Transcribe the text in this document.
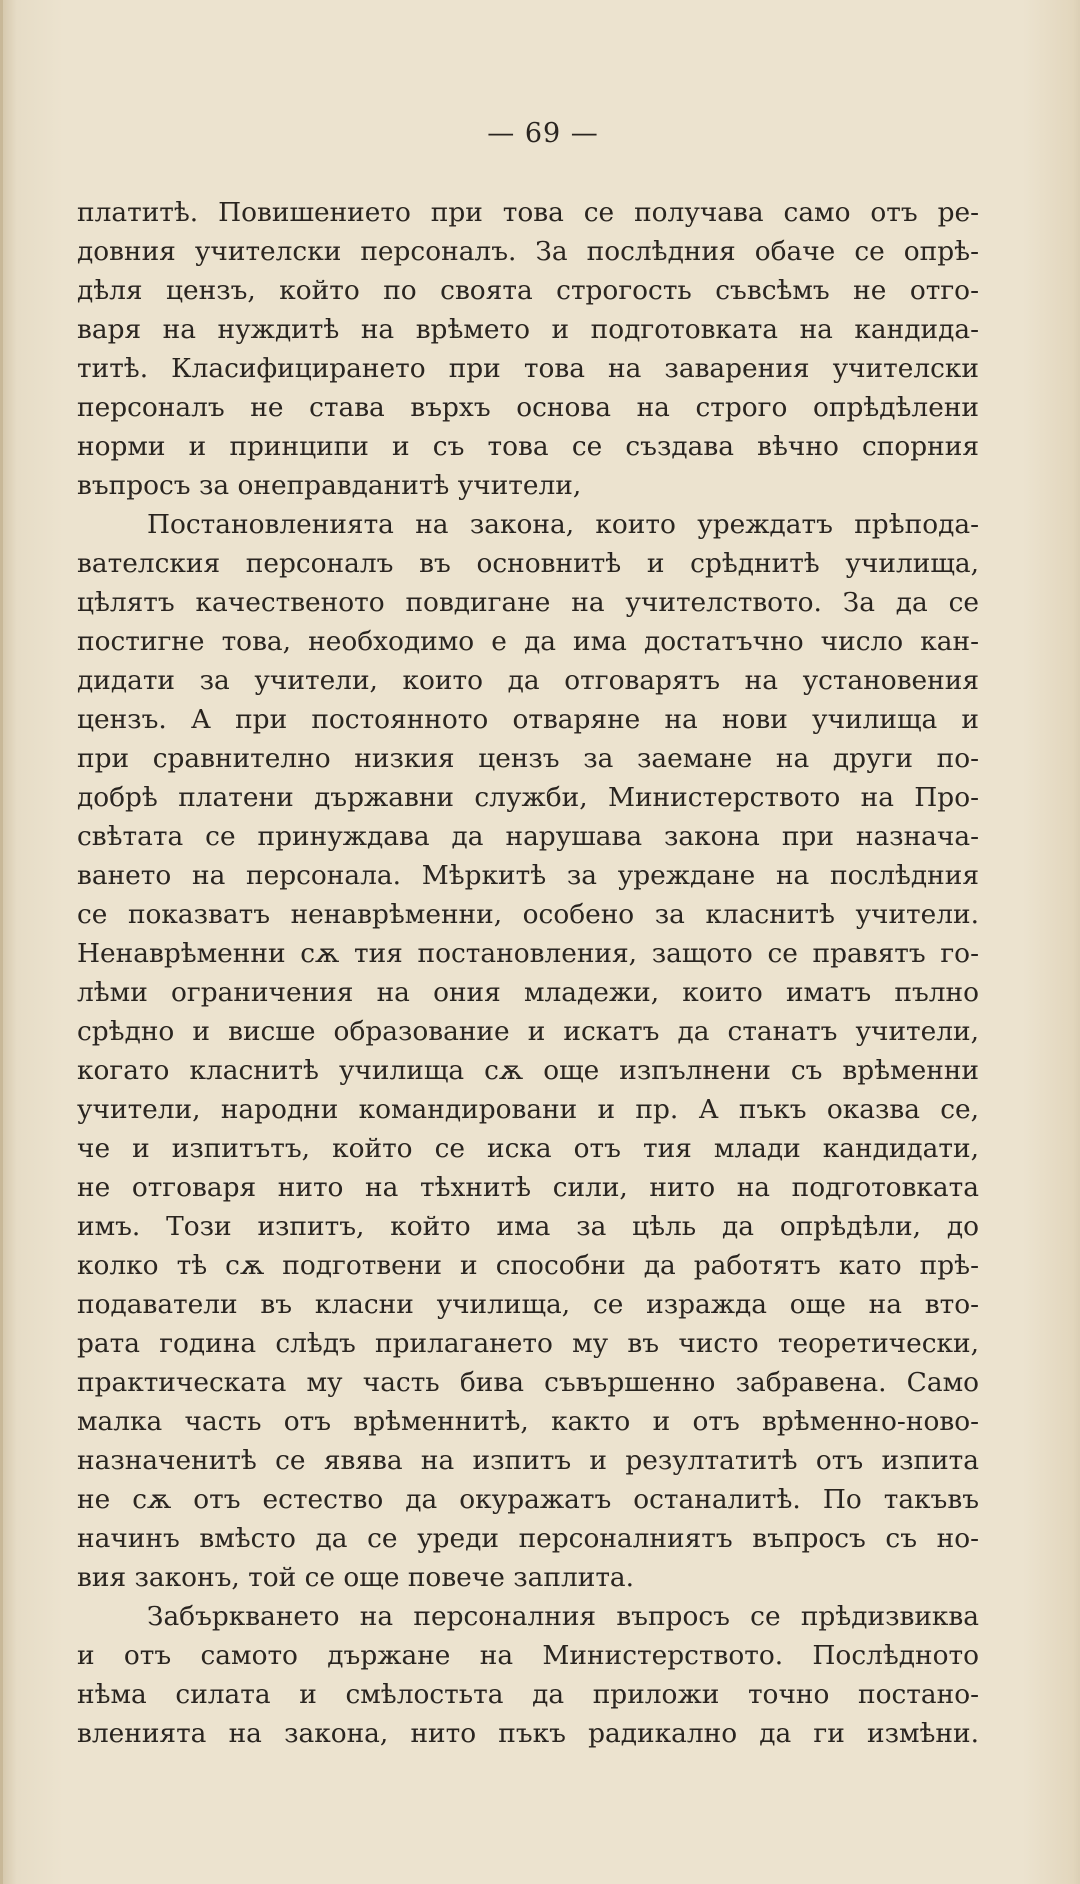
— 69 —
платитѣ. Повишението при това се получава само отъ ре-
довния учителски персоналъ. За послѣдния обаче се опрѣ-
дѣля цензъ, който по своята строгость съвсѣмъ не отго-
варя на нуждитѣ на врѣмето и подготовката на кандида-
титѣ. Класифицирането при това на заварения учителски
персоналъ не става върхъ основа на строго опрѣдѣлени
норми и принципи и съ това се създава вѣчно спорния
въпросъ за онеправданитѣ учители,
Постановленията на закона, които уреждатъ прѣпода-
вателския персоналъ въ основнитѣ и срѣднитѣ училища,
цѣлятъ качественото повдигане на учителството. За да се
постигне това, необходимо е да има достатъчно число кан-
дидати за учители, които да отговарятъ на установения
цензъ. А при постоянното отваряне на нови училища и
при сравнително низкия цензъ за заемане на други по-
добрѣ платени държавни служби, Министерството на Про-
свѣтата се принуждава да нарушава закона при назнача-
ването на персонала. Мѣркитѣ за уреждане на послѣдния
се показватъ ненаврѣменни, особено за класнитѣ учители.
Ненаврѣменни сѫ тия постановления, защото се правятъ го-
лѣми ограничения на ония младежи, които иматъ пълно
срѣдно и висше образование и искатъ да станатъ учители,
когато класнитѣ училища сѫ още изпълнени съ врѣменни
учители, народни командировани и пр. А пъкъ оказва се,
че и изпитътъ, който се иска отъ тия млади кандидати,
не отговаря нито на тѣхнитѣ сили, нито на подготовката
имъ. Този изпитъ, който има за цѣль да опрѣдѣли, до
колко тѣ сѫ подготвени и способни да работятъ като прѣ-
подаватели въ класни училища, се изражда още на вто-
рата година слѣдъ прилагането му въ чисто теоретически,
практическата му часть бива съвършенно забравена. Само
малка часть отъ врѣменнитѣ, както и отъ врѣменно-ново-
назначенитѣ се явява на изпитъ и резултатитѣ отъ изпита
не сѫ отъ естество да окуражатъ останалитѣ. По такъвъ
начинъ вмѣсто да се уреди персоналниятъ въпросъ съ но-
вия законъ, той се още повече заплита.
Забъркването на персоналния въпросъ се прѣдизвиква
и отъ самото държане на Министерството. Послѣдното
нѣма силата и смѣлостьта да приложи точно постано-
вленията на закона, нито пъкъ радикално да ги измѣни.
